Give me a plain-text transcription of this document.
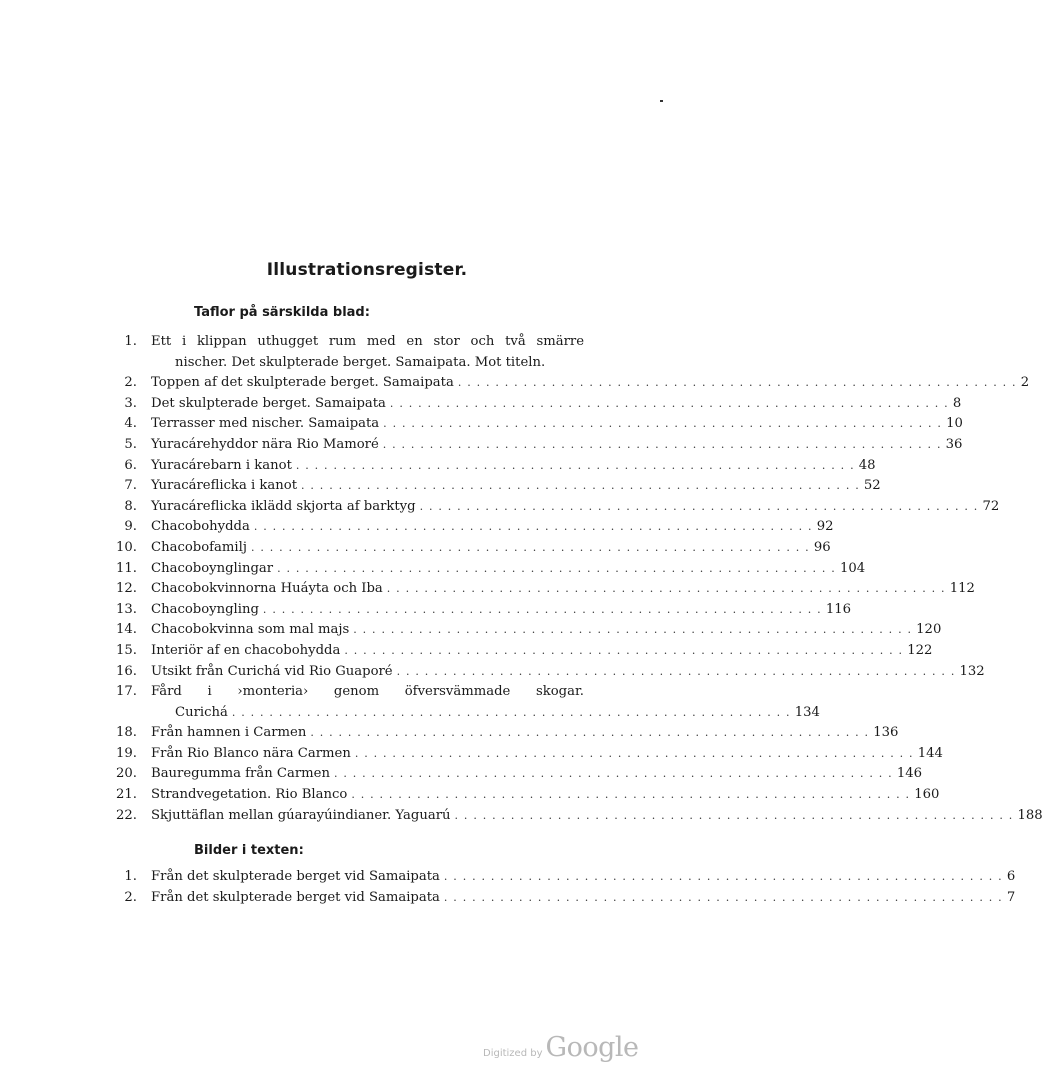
Illustrationsregister.
Taflor på särskilda blad:
1. Ett i klippan uthugget rum med en stor och två smärre
nischer. Det skulpterade berget. Samaipata. Mot titeln.
2. Toppen af det skulpterade berget. Samaipata . . . . . . . . . . . . . . . . . . . . . . . . . . . . . . . . . . . . . . . . . . . . . . . . . . . . . . . . . . . . 2
3. Det skulpterade berget. Samaipata . . . . . . . . . . . . . . . . . . . . . . . . . . . . . . . . . . . . . . . . . . . . . . . . . . . . . . . . . . . . 8
4. Terrasser med nischer. Samaipata . . . . . . . . . . . . . . . . . . . . . . . . . . . . . . . . . . . . . . . . . . . . . . . . . . . . . . . . . . . . 10
5. Yuracárehyddor nära Rio Mamoré . . . . . . . . . . . . . . . . . . . . . . . . . . . . . . . . . . . . . . . . . . . . . . . . . . . . . . . . . . . . 36
6. Yuracárebarn i kanot . . . . . . . . . . . . . . . . . . . . . . . . . . . . . . . . . . . . . . . . . . . . . . . . . . . . . . . . . . . . 48
7. Yuracáreflicka i kanot . . . . . . . . . . . . . . . . . . . . . . . . . . . . . . . . . . . . . . . . . . . . . . . . . . . . . . . . . . . . 52
8. Yuracáreflicka iklädd skjorta af barktyg . . . . . . . . . . . . . . . . . . . . . . . . . . . . . . . . . . . . . . . . . . . . . . . . . . . . . . . . . . . . 72
9. Chacobohydda . . . . . . . . . . . . . . . . . . . . . . . . . . . . . . . . . . . . . . . . . . . . . . . . . . . . . . . . . . . . 92
10. Chacobofamilj . . . . . . . . . . . . . . . . . . . . . . . . . . . . . . . . . . . . . . . . . . . . . . . . . . . . . . . . . . . . 96
11. Chacoboynglingar . . . . . . . . . . . . . . . . . . . . . . . . . . . . . . . . . . . . . . . . . . . . . . . . . . . . . . . . . . . . 104
12. Chacobokvinnorna Huáyta och Iba . . . . . . . . . . . . . . . . . . . . . . . . . . . . . . . . . . . . . . . . . . . . . . . . . . . . . . . . . . . . 112
13. Chacoboyngling . . . . . . . . . . . . . . . . . . . . . . . . . . . . . . . . . . . . . . . . . . . . . . . . . . . . . . . . . . . . 116
14. Chacobokvinna som mal majs . . . . . . . . . . . . . . . . . . . . . . . . . . . . . . . . . . . . . . . . . . . . . . . . . . . . . . . . . . . . 120
15. Interiör af en chacobohydda . . . . . . . . . . . . . . . . . . . . . . . . . . . . . . . . . . . . . . . . . . . . . . . . . . . . . . . . . . . . 122
16. Utsikt från Curichá vid Rio Guaporé . . . . . . . . . . . . . . . . . . . . . . . . . . . . . . . . . . . . . . . . . . . . . . . . . . . . . . . . . . . . 132
17. Fård i ›monteria› genom öfversvämmade skogar.
Curichá . . . . . . . . . . . . . . . . . . . . . . . . . . . . . . . . . . . . . . . . . . . . . . . . . . . . . . . . . . . . 134
18. Från hamnen i Carmen . . . . . . . . . . . . . . . . . . . . . . . . . . . . . . . . . . . . . . . . . . . . . . . . . . . . . . . . . . . . 136
19. Från Rio Blanco nära Carmen . . . . . . . . . . . . . . . . . . . . . . . . . . . . . . . . . . . . . . . . . . . . . . . . . . . . . . . . . . . . 144
20. Bauregumma från Carmen . . . . . . . . . . . . . . . . . . . . . . . . . . . . . . . . . . . . . . . . . . . . . . . . . . . . . . . . . . . . 146
21. Strandvegetation. Rio Blanco . . . . . . . . . . . . . . . . . . . . . . . . . . . . . . . . . . . . . . . . . . . . . . . . . . . . . . . . . . . . 160
22. Skjuttäflan mellan gúarayúindianer. Yaguarú . . . . . . . . . . . . . . . . . . . . . . . . . . . . . . . . . . . . . . . . . . . . . . . . . . . . . . . . . . . . 188
Bilder i texten:
1. Från det skulpterade berget vid Samaipata . . . . . . . . . . . . . . . . . . . . . . . . . . . . . . . . . . . . . . . . . . . . . . . . . . . . . . . . . . . . 6
2. Från det skulpterade berget vid Samaipata . . . . . . . . . . . . . . . . . . . . . . . . . . . . . . . . . . . . . . . . . . . . . . . . . . . . . . . . . . . . 7
Digitized by Google
